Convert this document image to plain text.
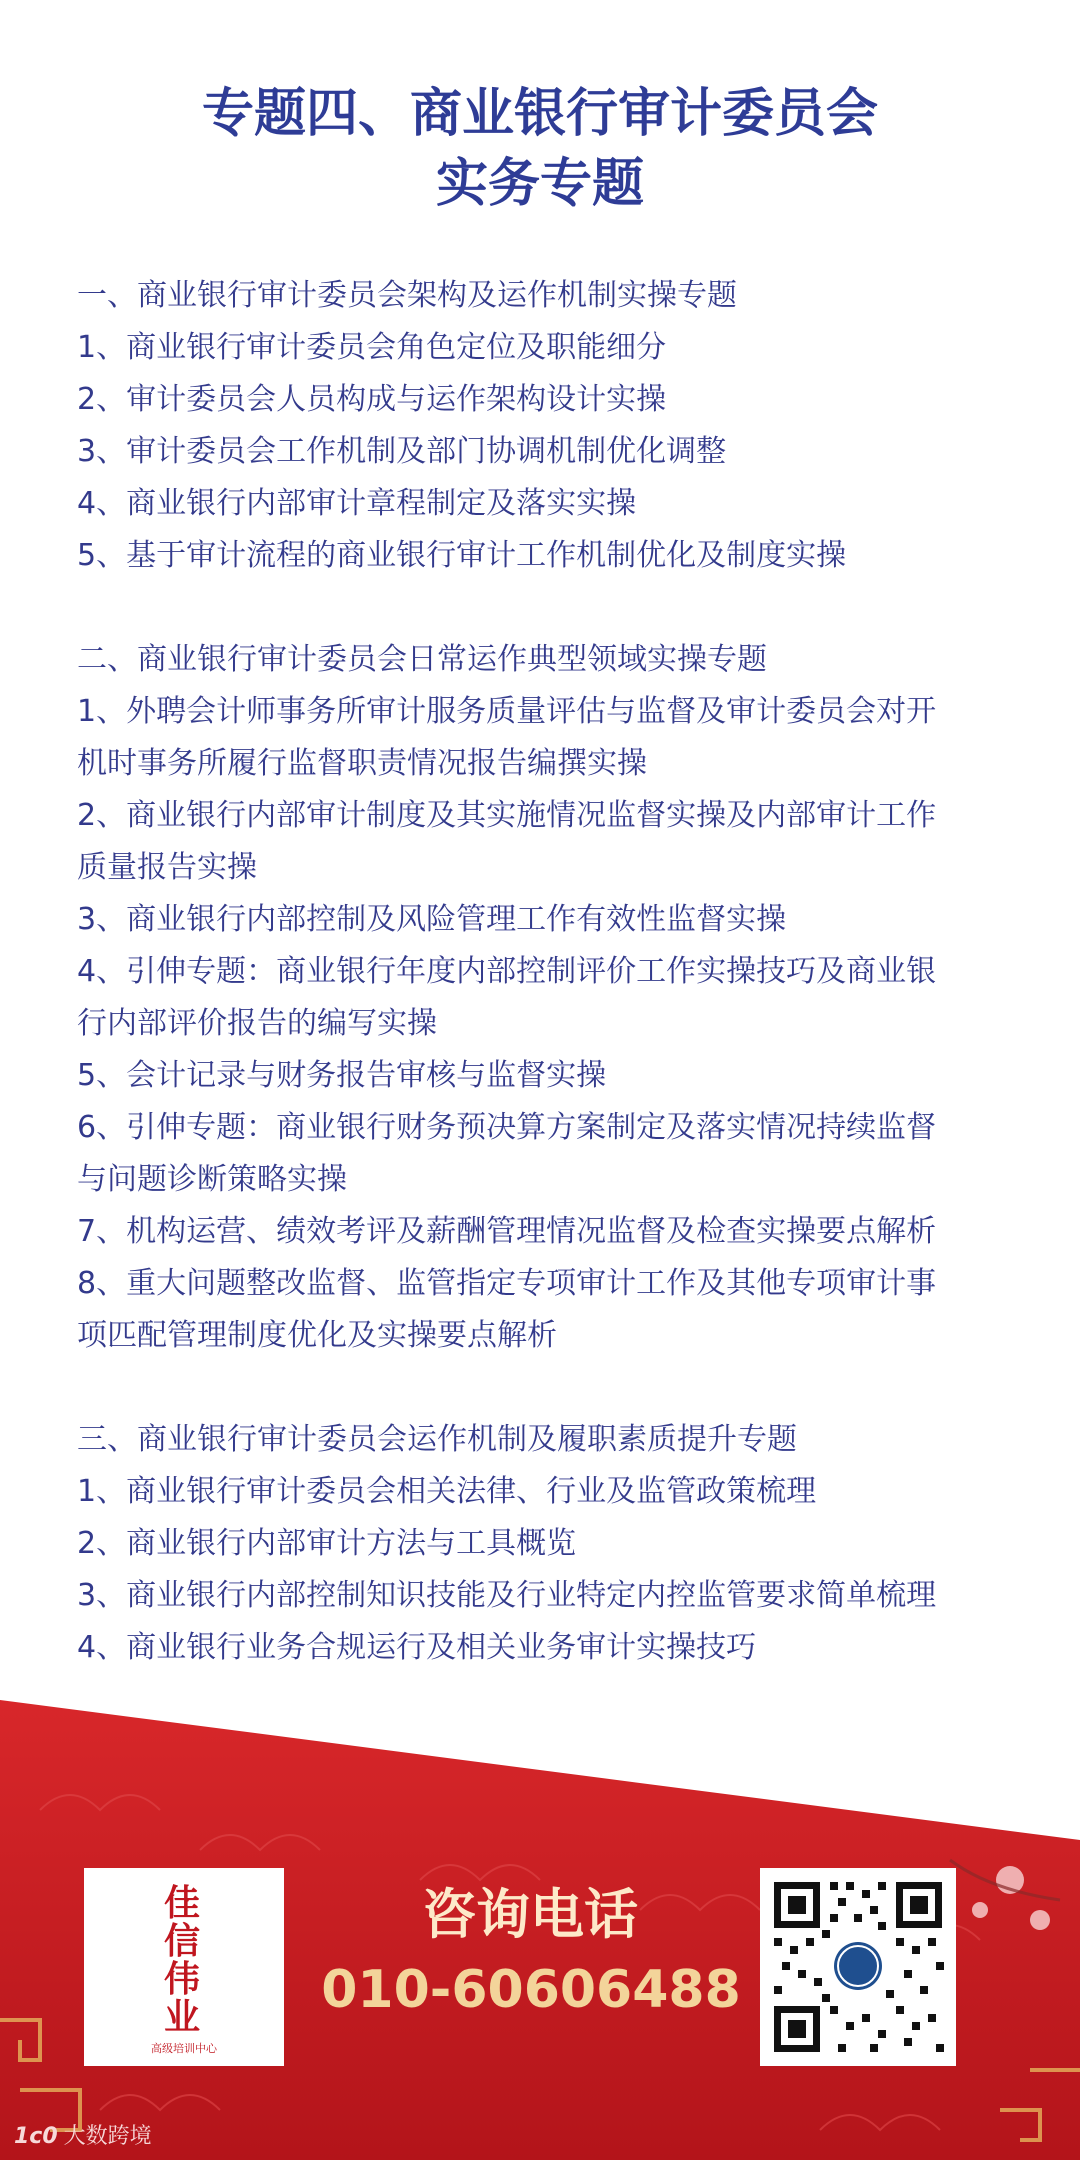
专题四、商业银行审计委员会
实务专题
一、商业银行审计委员会架构及运作机制实操专题
1、商业银行审计委员会角色定位及职能细分
2、审计委员会人员构成与运作架构设计实操
3、审计委员会工作机制及部门协调机制优化调整
4、商业银行内部审计章程制定及落实实操
5、基于审计流程的商业银行审计工作机制优化及制度实操
二、商业银行审计委员会日常运作典型领域实操专题
1、外聘会计师事务所审计服务质量评估与监督及审计委员会对开
机时事务所履行监督职责情况报告编撰实操
2、商业银行内部审计制度及其实施情况监督实操及内部审计工作
质量报告实操
3、商业银行内部控制及风险管理工作有效性监督实操
4、引伸专题：商业银行年度内部控制评价工作实操技巧及商业银
行内部评价报告的编写实操
5、会计记录与财务报告审核与监督实操
6、引伸专题：商业银行财务预决算方案制定及落实情况持续监督
与问题诊断策略实操
7、机构运营、绩效考评及薪酬管理情况监督及检查实操要点解析
8、重大问题整改监督、监管指定专项审计工作及其他专项审计事
项匹配管理制度优化及实操要点解析
三、商业银行审计委员会运作机制及履职素质提升专题
1、商业银行审计委员会相关法律、行业及监管政策梳理
2、商业银行内部审计方法与工具概览
3、商业银行内部控制知识技能及行业特定内控监管要求简单梳理
4、商业银行业务合规运行及相关业务审计实操技巧
佳信伟业
高级培训中心
咨询电话
010-60606488
1c0 大数跨境
